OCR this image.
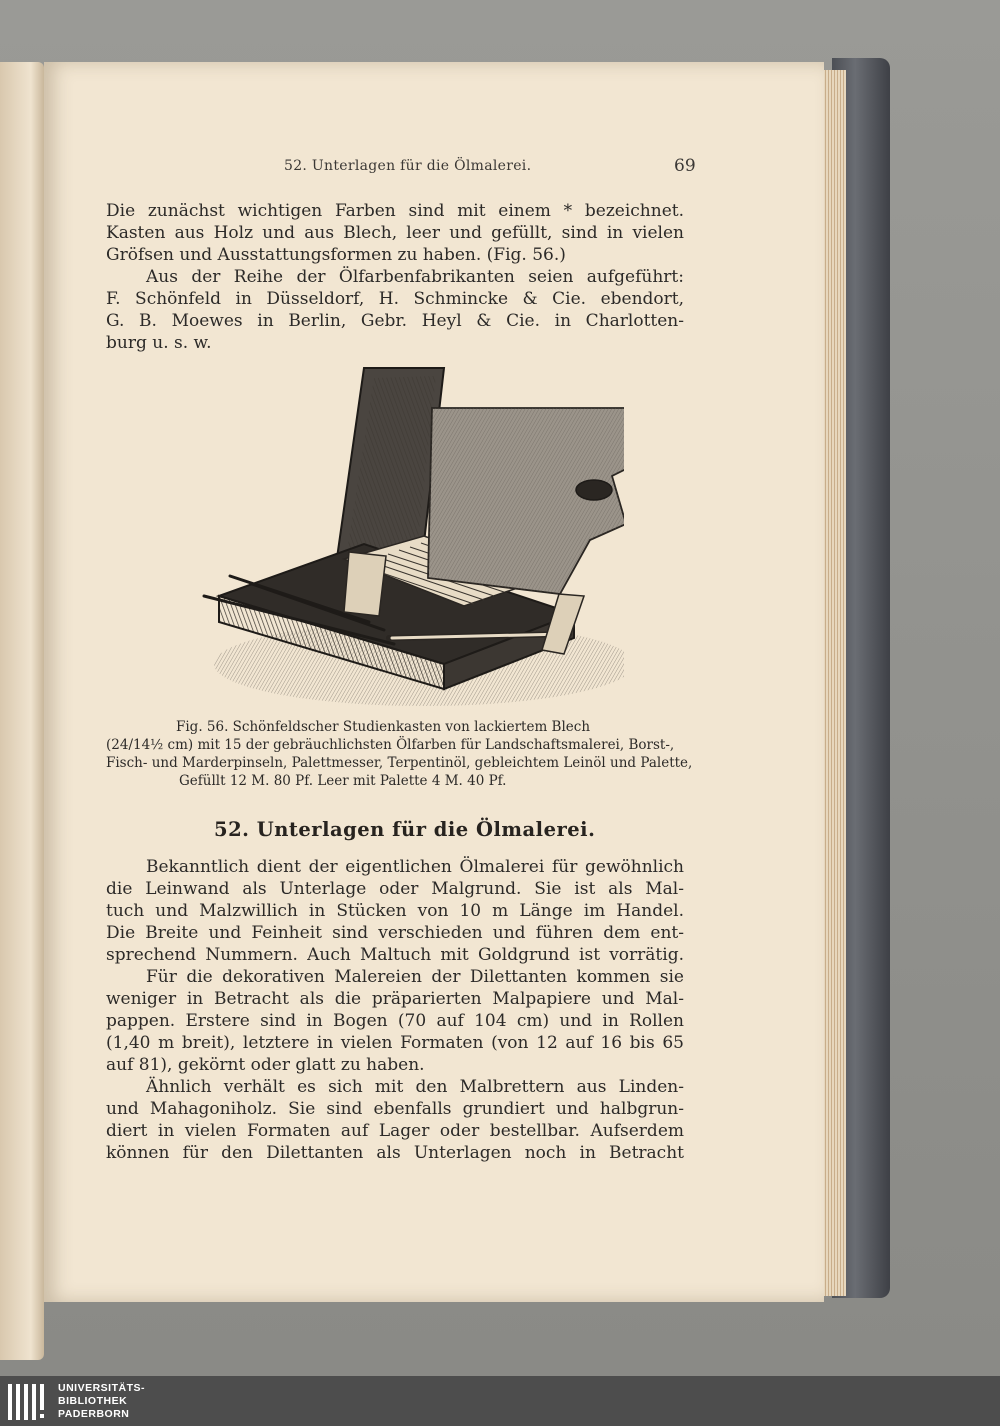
52. Unterlagen für die Ölmalerei.	69
Die zunächst wichtigen Farben sind mit einem * bezeichnet.
Kasten aus Holz und aus Blech, leer und gefüllt, sind in vielen
Gröfsen und Ausstattungsformen zu haben. (Fig. 56.)
Aus der Reihe der Ölfarbenfabrikanten seien aufgeführt:
F. Schönfeld in Düsseldorf, H. Schmincke & Cie. ebendort,
G. B. Moewes in Berlin, Gebr. Heyl & Cie. in Charlotten-
burg u. s. w.
Fig. 56. Schönfeldscher Studienkasten von lackiertem Blech
(24/14½ cm) mit 15 der gebräuchlichsten Ölfarben für Landschaftsmalerei, Borst-,
Fisch- und Marderpinseln, Palettmesser, Terpentinöl, gebleichtem Leinöl und Palette,
Gefüllt 12 M. 80 Pf. Leer mit Palette 4 M. 40 Pf.
52. Unterlagen für die Ölmalerei.
Bekanntlich dient der eigentlichen Ölmalerei für gewöhnlich
die Leinwand als Unterlage oder Malgrund. Sie ist als Mal-
tuch und Malzwillich in Stücken von 10 m Länge im Handel.
Die Breite und Feinheit sind verschieden und führen dem ent-
sprechend Nummern. Auch Maltuch mit Goldgrund ist vorrätig.
Für die dekorativen Malereien der Dilettanten kommen sie
weniger in Betracht als die präparierten Malpapiere und Mal-
pappen. Erstere sind in Bogen (70 auf 104 cm) und in Rollen
(1,40 m breit), letztere in vielen Formaten (von 12 auf 16 bis 65
auf 81), gekörnt oder glatt zu haben.
Ähnlich verhält es sich mit den Malbrettern aus Linden-
und Mahagoniholz. Sie sind ebenfalls grundiert und halbgrun-
diert in vielen Formaten auf Lager oder bestellbar. Aufserdem
können für den Dilettanten als Unterlagen noch in Betracht
UNIVERSITÄTS-
BIBLIOTHEK
PADERBORN
